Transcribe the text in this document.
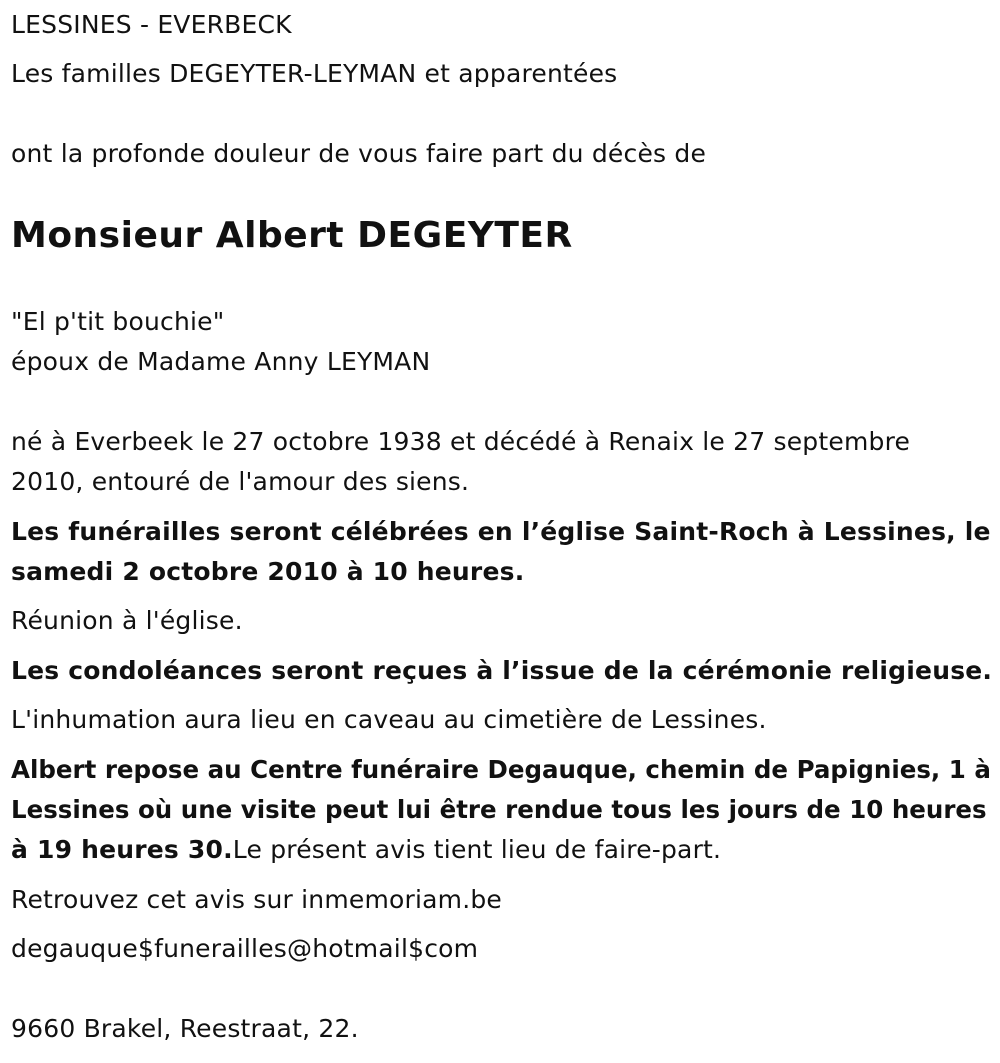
LESSINES - EVERBECK

Les familles DEGEYTER-LEYMAN et apparentées

ont la profonde douleur de vous faire part du décès de

Monsieur Albert DEGEYTER

"El p'tit bouchie"

époux de Madame Anny LEYMAN

né à Everbeek le 27 octobre 1938 et décédé à Renaix le 27 septembre

2010, entouré de l'amour des siens.

Les funérailles seront célébrées en l’église Saint-Roch à Lessines, le

samedi 2 octobre 2010 à 10 heures.

Réunion à l'église.

Les condoléances seront reçues à l’issue de la cérémonie religieuse.

L'inhumation aura lieu en caveau au cimetière de Lessines.

Albert repose au Centre funéraire Degauque, chemin de Papignies, 1 à

Lessines où une visite peut lui être rendue tous les jours de 10 heures

à 19 heures 30.Le présent avis tient lieu de faire-part.

Retrouvez cet avis sur inmemoriam.be

degauque$funerailles@hotmail$com

9660 Brakel, Reestraat, 22.
